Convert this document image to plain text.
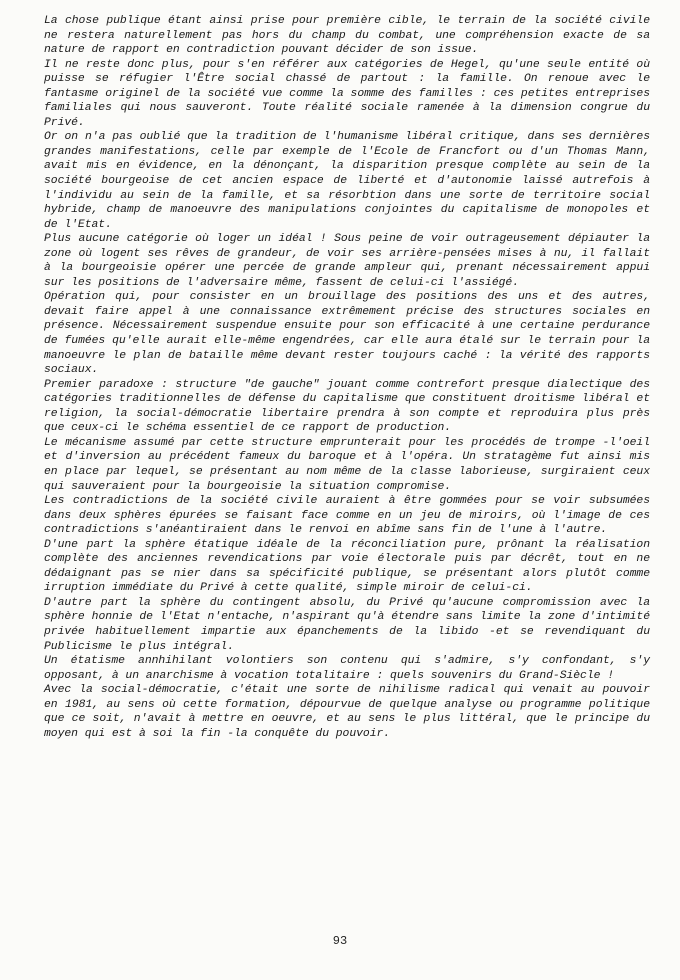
La chose publique étant ainsi prise pour première cible, le terrain de la société civile ne restera naturellement pas hors du champ du combat, une compréhension exacte de sa nature de rapport en contradiction pouvant décider de son issue.

Il ne reste donc plus, pour s'en référer aux catégories de Hegel, qu'une seule entité où puisse se réfugier l'Être social chassé de partout : la famille. On renoue avec le fantasme originel de la société vue comme la somme des familles : ces petites entreprises familiales qui nous sauveront. Toute réalité sociale ramenée à la dimension congrue du Privé.

Or on n'a pas oublié que la tradition de l'humanisme libéral critique, dans ses dernières grandes manifestations, celle par exemple de l'Ecole de Francfort ou d'un Thomas Mann, avait mis en évidence, en la dénonçant, la disparition presque complète au sein de la société bourgeoise de cet ancien espace de liberté et d'autonomie laissé autrefois à l'individu au sein de la famille, et sa résorbtion dans une sorte de territoire social hybride, champ de manoeuvre des manipulations conjointes du capitalisme de monopoles et de l'Etat.

Plus aucune catégorie où loger un idéal ! Sous peine de voir outrageusement dépiauter la zone où logent ses rêves de grandeur, de voir ses arrière-pensées mises à nu, il fallait à la bourgeoisie opérer une percée de grande ampleur qui, prenant nécessairement appui sur les positions de l'adversaire même, fassent de celui-ci l'assiégé.

Opération qui, pour consister en un brouillage des positions des uns et des autres, devait faire appel à une connaissance extrêmement précise des structures sociales en présence. Nécessairement suspendue ensuite pour son efficacité à une certaine perdurance de fumées qu'elle aurait elle-même engendrées, car elle aura étalé sur le terrain pour la manoeuvre le plan de bataille même devant rester toujours caché : la vérité des rapports sociaux.

Premier paradoxe : structure "de gauche" jouant comme contrefort presque dialectique des catégories traditionnelles de défense du capitalisme que constituent droitisme libéral et religion, la social-démocratie libertaire prendra à son compte et reproduira plus près que ceux-ci le schéma essentiel de ce rapport de production.

Le mécanisme assumé par cette structure emprunterait pour les procédés de trompe -l'oeil et d'inversion au précédent fameux du baroque et à l'opéra. Un stratagème fut ainsi mis en place par lequel, se présentant au nom même de la classe laborieuse, surgiraient ceux qui sauveraient pour la bourgeoisie la situation compromise.

Les contradictions de la société civile auraient à être gommées pour se voir subsumées dans deux sphères épurées se faisant face comme en un jeu de miroirs, où l'image de ces contradictions s'anéantiraient dans le renvoi en abîme sans fin de l'une à l'autre.

D'une part la sphère étatique idéale de la réconciliation pure, prônant la réalisation complète des anciennes revendications par voie électorale puis par décrêt, tout en ne dédaignant pas se nier dans sa spécificité publique, se présentant alors plutôt comme irruption immédiate du Privé à cette qualité, simple miroir de celui-ci.

D'autre part la sphère du contingent absolu, du Privé qu'aucune compromission avec la sphère honnie de l'Etat n'entache, n'aspirant qu'à étendre sans limite la zone d'intimité privée habituellement impartie aux épanchements de la libido -et se revendiquant du Publicisme le plus intégral.

Un étatisme annhihilant volontiers son contenu qui s'admire, s'y confondant, s'y opposant, à un anarchisme à vocation totalitaire : quels souvenirs du Grand-Siècle !

Avec la social-démocratie, c'était une sorte de nihilisme radical qui venait au pouvoir en 1981, au sens où cette formation, dépourvue de quelque analyse ou programme politique que ce soit, n'avait à mettre en oeuvre, et au sens le plus littéral, que le principe du moyen qui est à soi la fin -la conquête du pouvoir.

93
